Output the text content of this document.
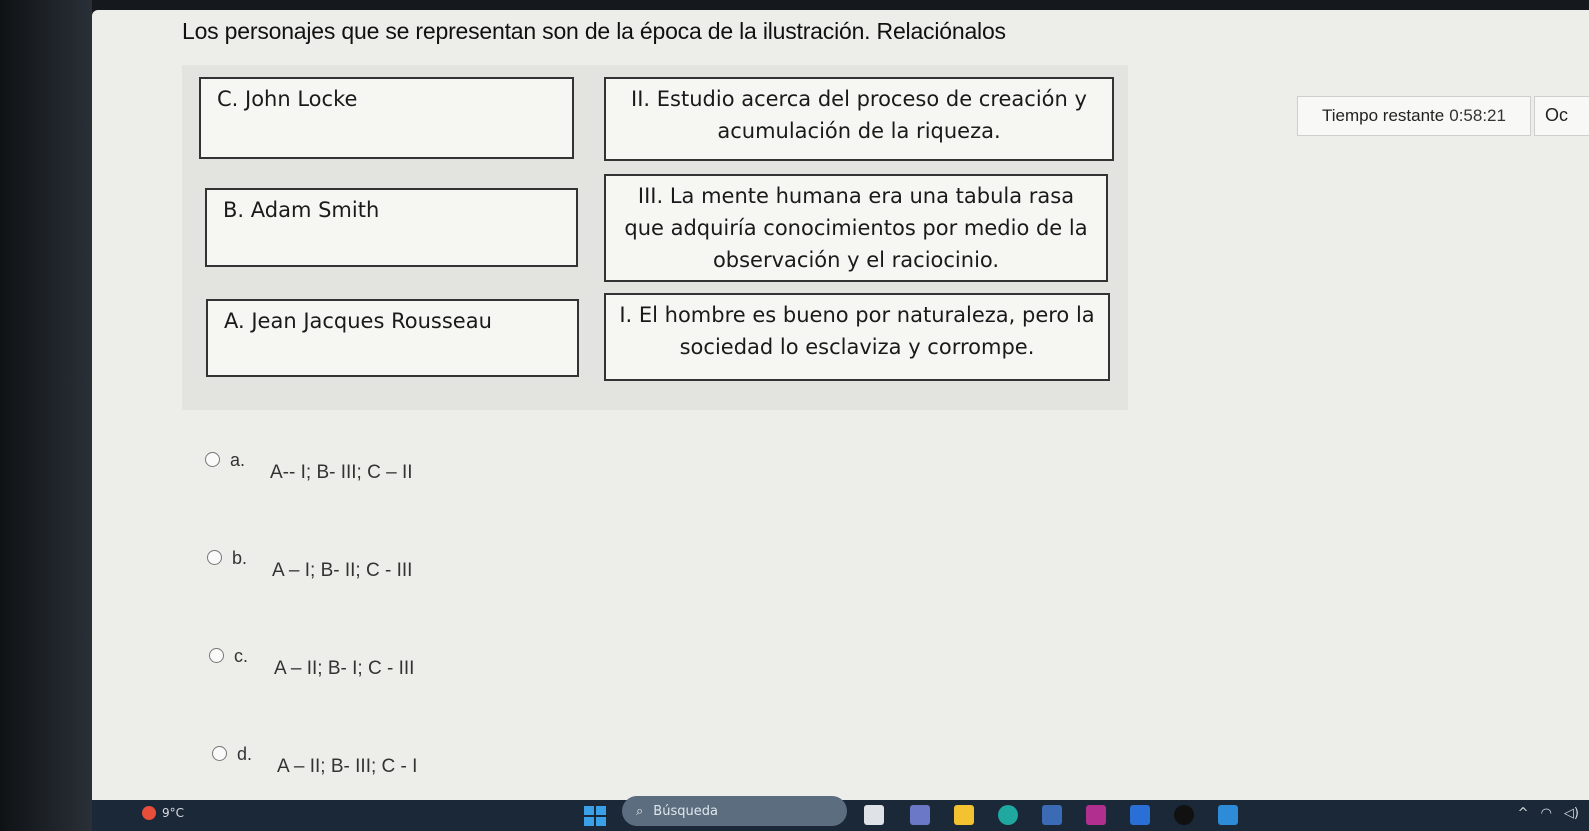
Los personajes que se representan son de la época de la ilustración. Relaciónalos
C. John Locke
B. Adam Smith
A. Jean Jacques Rousseau
II. Estudio acerca del proceso de creación y acumulación de la riqueza.
III. La mente humana era una tabula rasa que adquiría conocimientos por medio de la observación y el raciocinio.
I. El hombre es bueno por naturaleza, pero la sociedad lo esclaviza y corrompe.
Tiempo restante 0:58:21	Oc
a.
A-- I; B- III; C – II
b.
A – I; B- II; C - III
c.
A – II; B- I; C - III
d.
A – II; B- III; C - I
9°C	⌕ Búsqueda	^ ◠ ◁)
